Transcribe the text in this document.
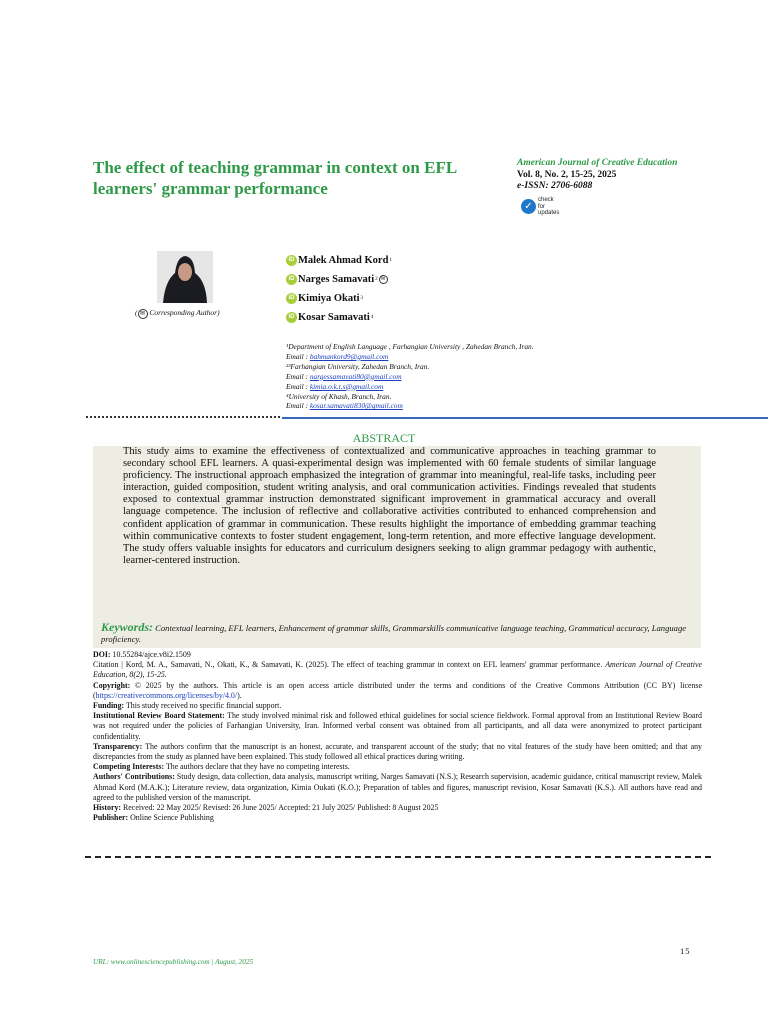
The effect of teaching grammar in context on EFL learners' grammar performance
American Journal of Creative Education
Vol. 8, No. 2, 15-25, 2025
e-ISSN: 2706-6088
✓
check for updates
( ✉ Corresponding Author)
iD Malek Ahmad Kord 1
iD Narges Samavati 2 ✉
iD Kimiya Okati 3
iD Kosar Samavati 4
¹Department of English Language , Farhangian University , Zahedan Branch, Iran.
Email : bahmankord9@gmail.com
²³Farhangian University, Zahedan Branch, Iran.
Email : nargessamavati80@gmail.com
Email : kimia.o.k.t.s@gmail.com
⁴University of Khash, Branch, Iran.
Email : kosar.samavati830@gmail.com
ABSTRACT
This study aims to examine the effectiveness of contextualized and communicative approaches in teaching grammar to secondary school EFL learners. A quasi-experimental design was implemented with 60 female students of similar language proficiency. The instructional approach emphasized the integration of grammar into meaningful, real-life tasks, including peer interaction, guided composition, student writing analysis, and oral communication activities. Findings revealed that students exposed to contextual grammar instruction demonstrated significant improvement in grammatical accuracy and overall language competence. The inclusion of reflective and collaborative activities contributed to enhanced comprehension and confident application of grammar in communication. These results highlight the importance of embedding grammar teaching within communicative contexts to foster student engagement, long-term retention, and more effective language development. The study offers valuable insights for educators and curriculum designers seeking to align grammar pedagogy with authentic, learner-centered instruction.
Keywords: Contextual learning, EFL learners, Enhancement of grammar skills, Grammarskills communicative language teaching, Grammatical accuracy, Language proficiency.

DOI: 10.55284/ajce.v8i2.1509

Citation | Kord, M. A., Samavati, N., Okati, K., & Samavati, K. (2025). The effect of teaching grammar in context on EFL learners' grammar performance. American Journal of Creative Education, 8(2), 15-25.

Copyright: © 2025 by the authors. This article is an open access article distributed under the terms and conditions of the Creative Commons Attribution (CC BY) license (https://creativecommons.org/licenses/by/4.0/).

Funding: This study received no specific financial support.

Institutional Review Board Statement: The study involved minimal risk and followed ethical guidelines for social science fieldwork. Formal approval from an Institutional Review Board was not required under the policies of Farhangian University, Iran. Informed verbal consent was obtained from all participants, and all data were anonymized to protect participant confidentiality.

Transparency: The authors confirm that the manuscript is an honest, accurate, and transparent account of the study; that no vital features of the study have been omitted; and that any discrepancies from the study as planned have been explained. This study followed all ethical practices during writing.

Competing Interests: The authors declare that they have no competing interests.

Authors' Contributions: Study design, data collection, data analysis, manuscript writing, Narges Samavati (N.S.); Research supervision, academic guidance, critical manuscript review, Malek Ahmad Kord (M.A.K.); Literature review, data organization, Kimia Oukati (K.O.); Preparation of tables and figures, manuscript revision, Kosar Samavati (K.S.). All authors have read and agreed to the published version of the manuscript.

History: Received: 22 May 2025/ Revised: 26 June 2025/ Accepted: 21 July 2025/ Published: 8 August 2025

Publisher: Online Science Publishing

15
URL: www.onlinesciencepublishing.com | August, 2025
